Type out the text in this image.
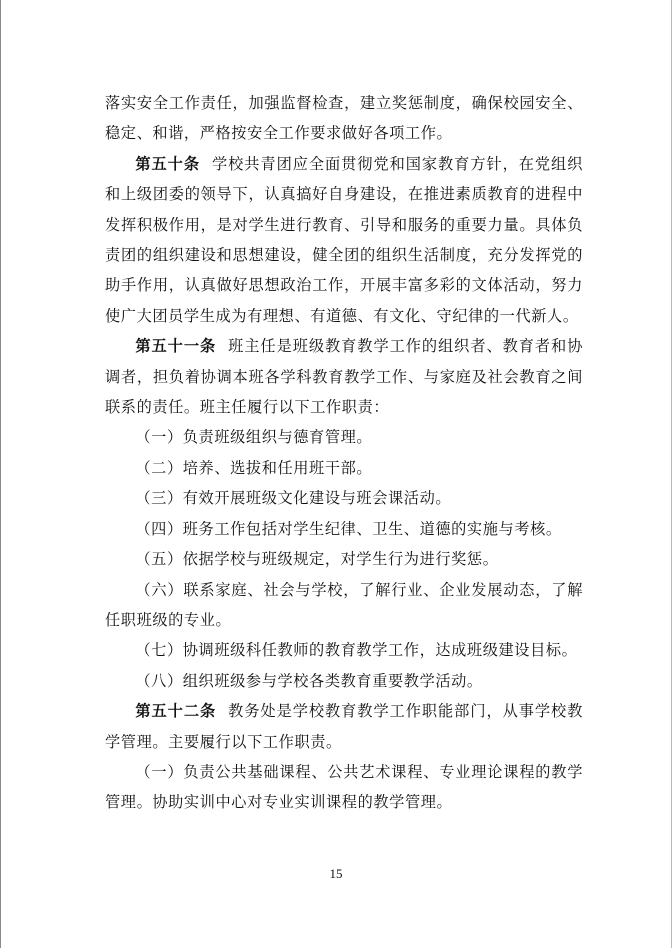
落实安全工作责任，加强监督检查，建立奖惩制度，确保校园安全、稳定、和谐，严格按安全工作要求做好各项工作。

第五十条 学校共青团应全面贯彻党和国家教育方针，在党组织和上级团委的领导下，认真搞好自身建设，在推进素质教育的进程中发挥积极作用，是对学生进行教育、引导和服务的重要力量。具体负责团的组织建设和思想建设，健全团的组织生活制度，充分发挥党的助手作用，认真做好思想政治工作，开展丰富多彩的文体活动，努力使广大团员学生成为有理想、有道德、有文化、守纪律的一代新人。

第五十一条 班主任是班级教育教学工作的组织者、教育者和协调者，担负着协调本班各学科教育教学工作、与家庭及社会教育之间联系的责任。班主任履行以下工作职责：

（一）负责班级组织与德育管理。

（二）培养、选拔和任用班干部。

（三）有效开展班级文化建设与班会课活动。

（四）班务工作包括对学生纪律、卫生、道德的实施与考核。

（五）依据学校与班级规定，对学生行为进行奖惩。

（六）联系家庭、社会与学校，了解行业、企业发展动态，了解任职班级的专业。

（七）协调班级科任教师的教育教学工作，达成班级建设目标。

（八）组织班级参与学校各类教育重要教学活动。

第五十二条 教务处是学校教育教学工作职能部门，从事学校教学管理。主要履行以下工作职责。

（一）负责公共基础课程、公共艺术课程、专业理论课程的教学管理。协助实训中心对专业实训课程的教学管理。

15
